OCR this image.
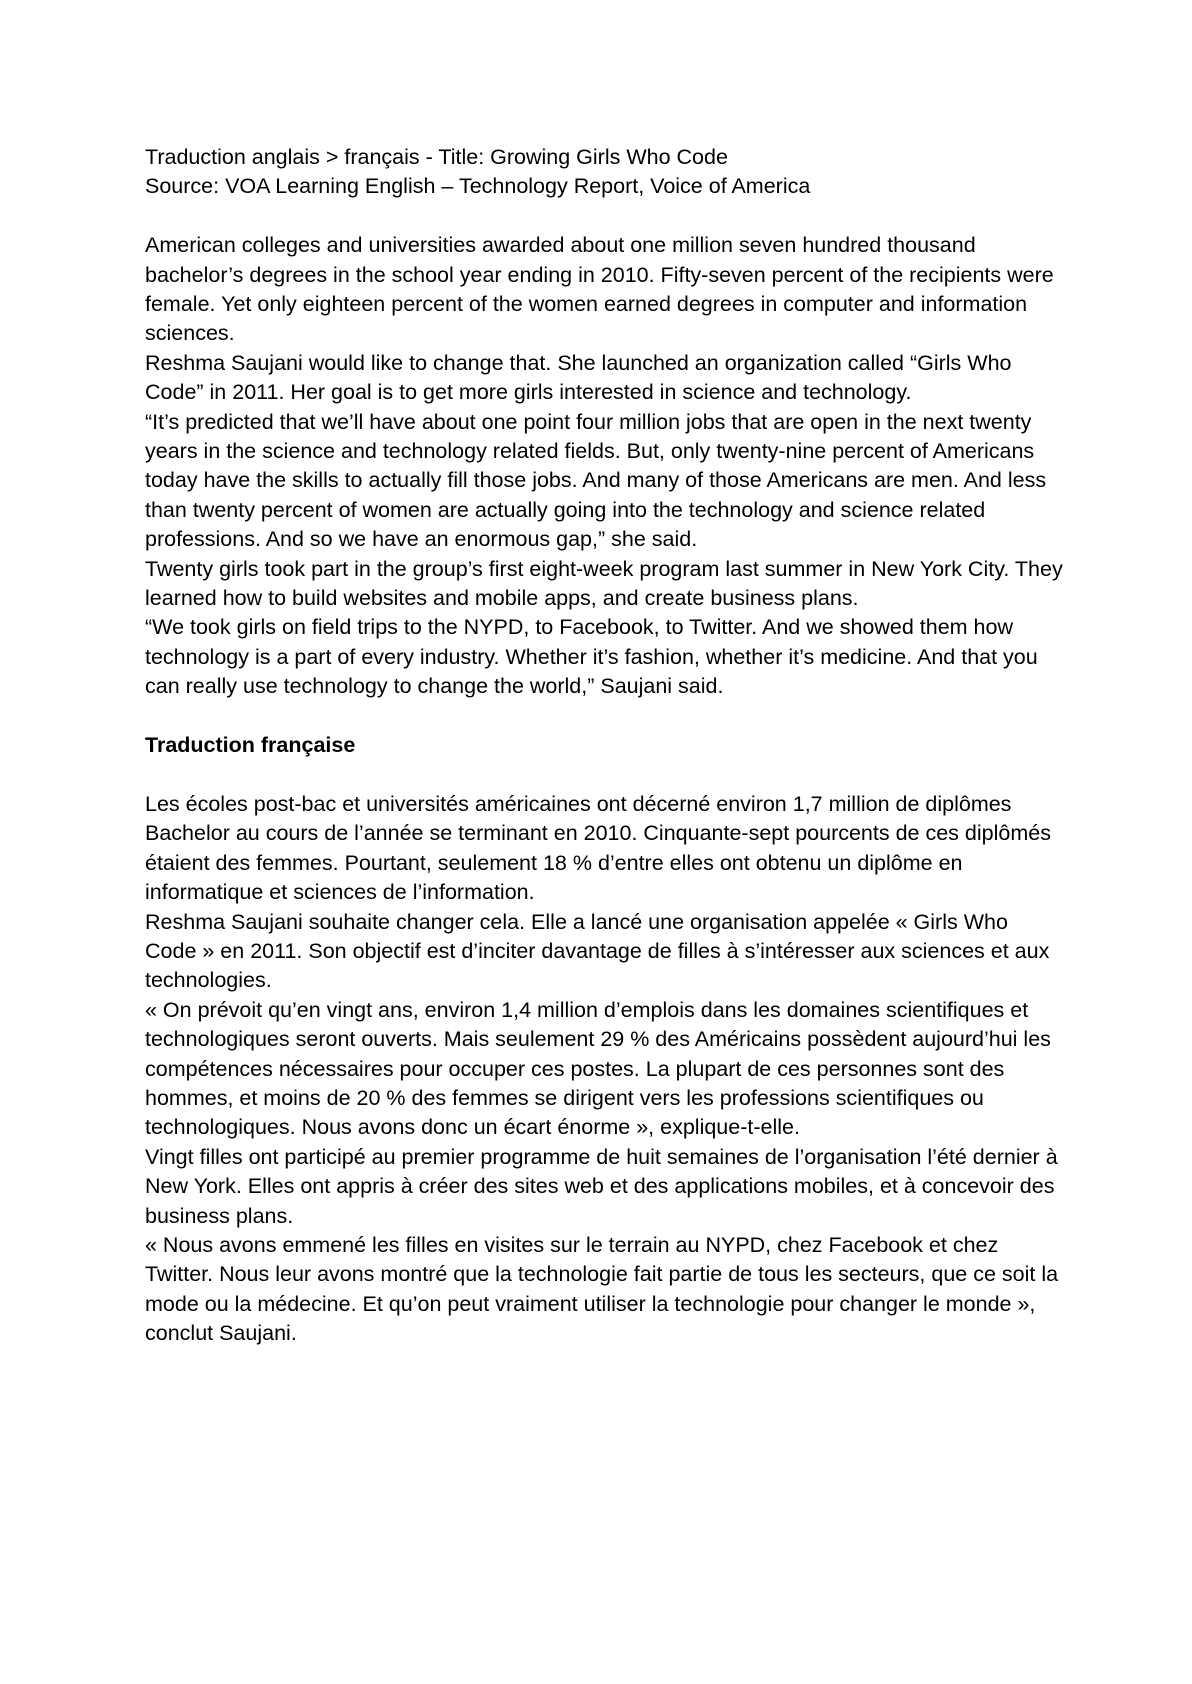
Traduction anglais > français - Title: Growing Girls Who Code

Source: VOA Learning English – Technology Report, Voice of America

American colleges and universities awarded about one million seven hundred thousand bachelor’s degrees in the school year ending in 2010. Fifty-seven percent of the recipients were female. Yet only eighteen percent of the women earned degrees in computer and information sciences.

Reshma Saujani would like to change that. She launched an organization called “Girls Who Code” in 2011. Her goal is to get more girls interested in science and technology.

“It’s predicted that we’ll have about one point four million jobs that are open in the next twenty years in the science and technology related fields. But, only twenty-nine percent of Americans today have the skills to actually fill those jobs. And many of those Americans are men. And less than twenty percent of women are actually going into the technology and science related professions. And so we have an enormous gap,” she said.

Twenty girls took part in the group’s first eight-week program last summer in New York City. They learned how to build websites and mobile apps, and create business plans.

“We took girls on field trips to the NYPD, to Facebook, to Twitter. And we showed them how technology is a part of every industry. Whether it’s fashion, whether it’s medicine. And that you can really use technology to change the world,” Saujani said.

Traduction française

Les écoles post-bac et universités américaines ont décerné environ 1,7 million de diplômes Bachelor au cours de l’année se terminant en 2010. Cinquante-sept pourcents de ces diplômés  étaient des femmes. Pourtant, seulement 18 % d’entre elles ont obtenu un diplôme en informatique et sciences de l’information.

Reshma Saujani souhaite changer cela. Elle a lancé une organisation appelée « Girls Who Code » en 2011. Son objectif est d’inciter davantage de filles à s’intéresser aux sciences et aux technologies.

« On prévoit qu’en vingt ans, environ 1,4 million d’emplois dans les domaines scientifiques et technologiques seront ouverts. Mais seulement 29 % des Américains possèdent aujourd’hui les compétences nécessaires pour occuper ces postes. La plupart de ces personnes sont des hommes, et moins de 20 % des femmes se dirigent vers les professions scientifiques ou technologiques. Nous avons donc un écart énorme », explique-t-elle.

Vingt filles ont participé au premier programme de huit semaines de l’organisation l’été dernier à New York. Elles ont appris à créer des sites web et des applications mobiles, et à concevoir des business plans.

« Nous avons emmené les filles en visites sur le terrain au NYPD, chez Facebook et chez Twitter. Nous leur avons montré que la technologie fait partie de tous les secteurs, que ce soit la mode ou la médecine. Et qu’on peut vraiment utiliser la technologie pour changer le monde », conclut Saujani.
